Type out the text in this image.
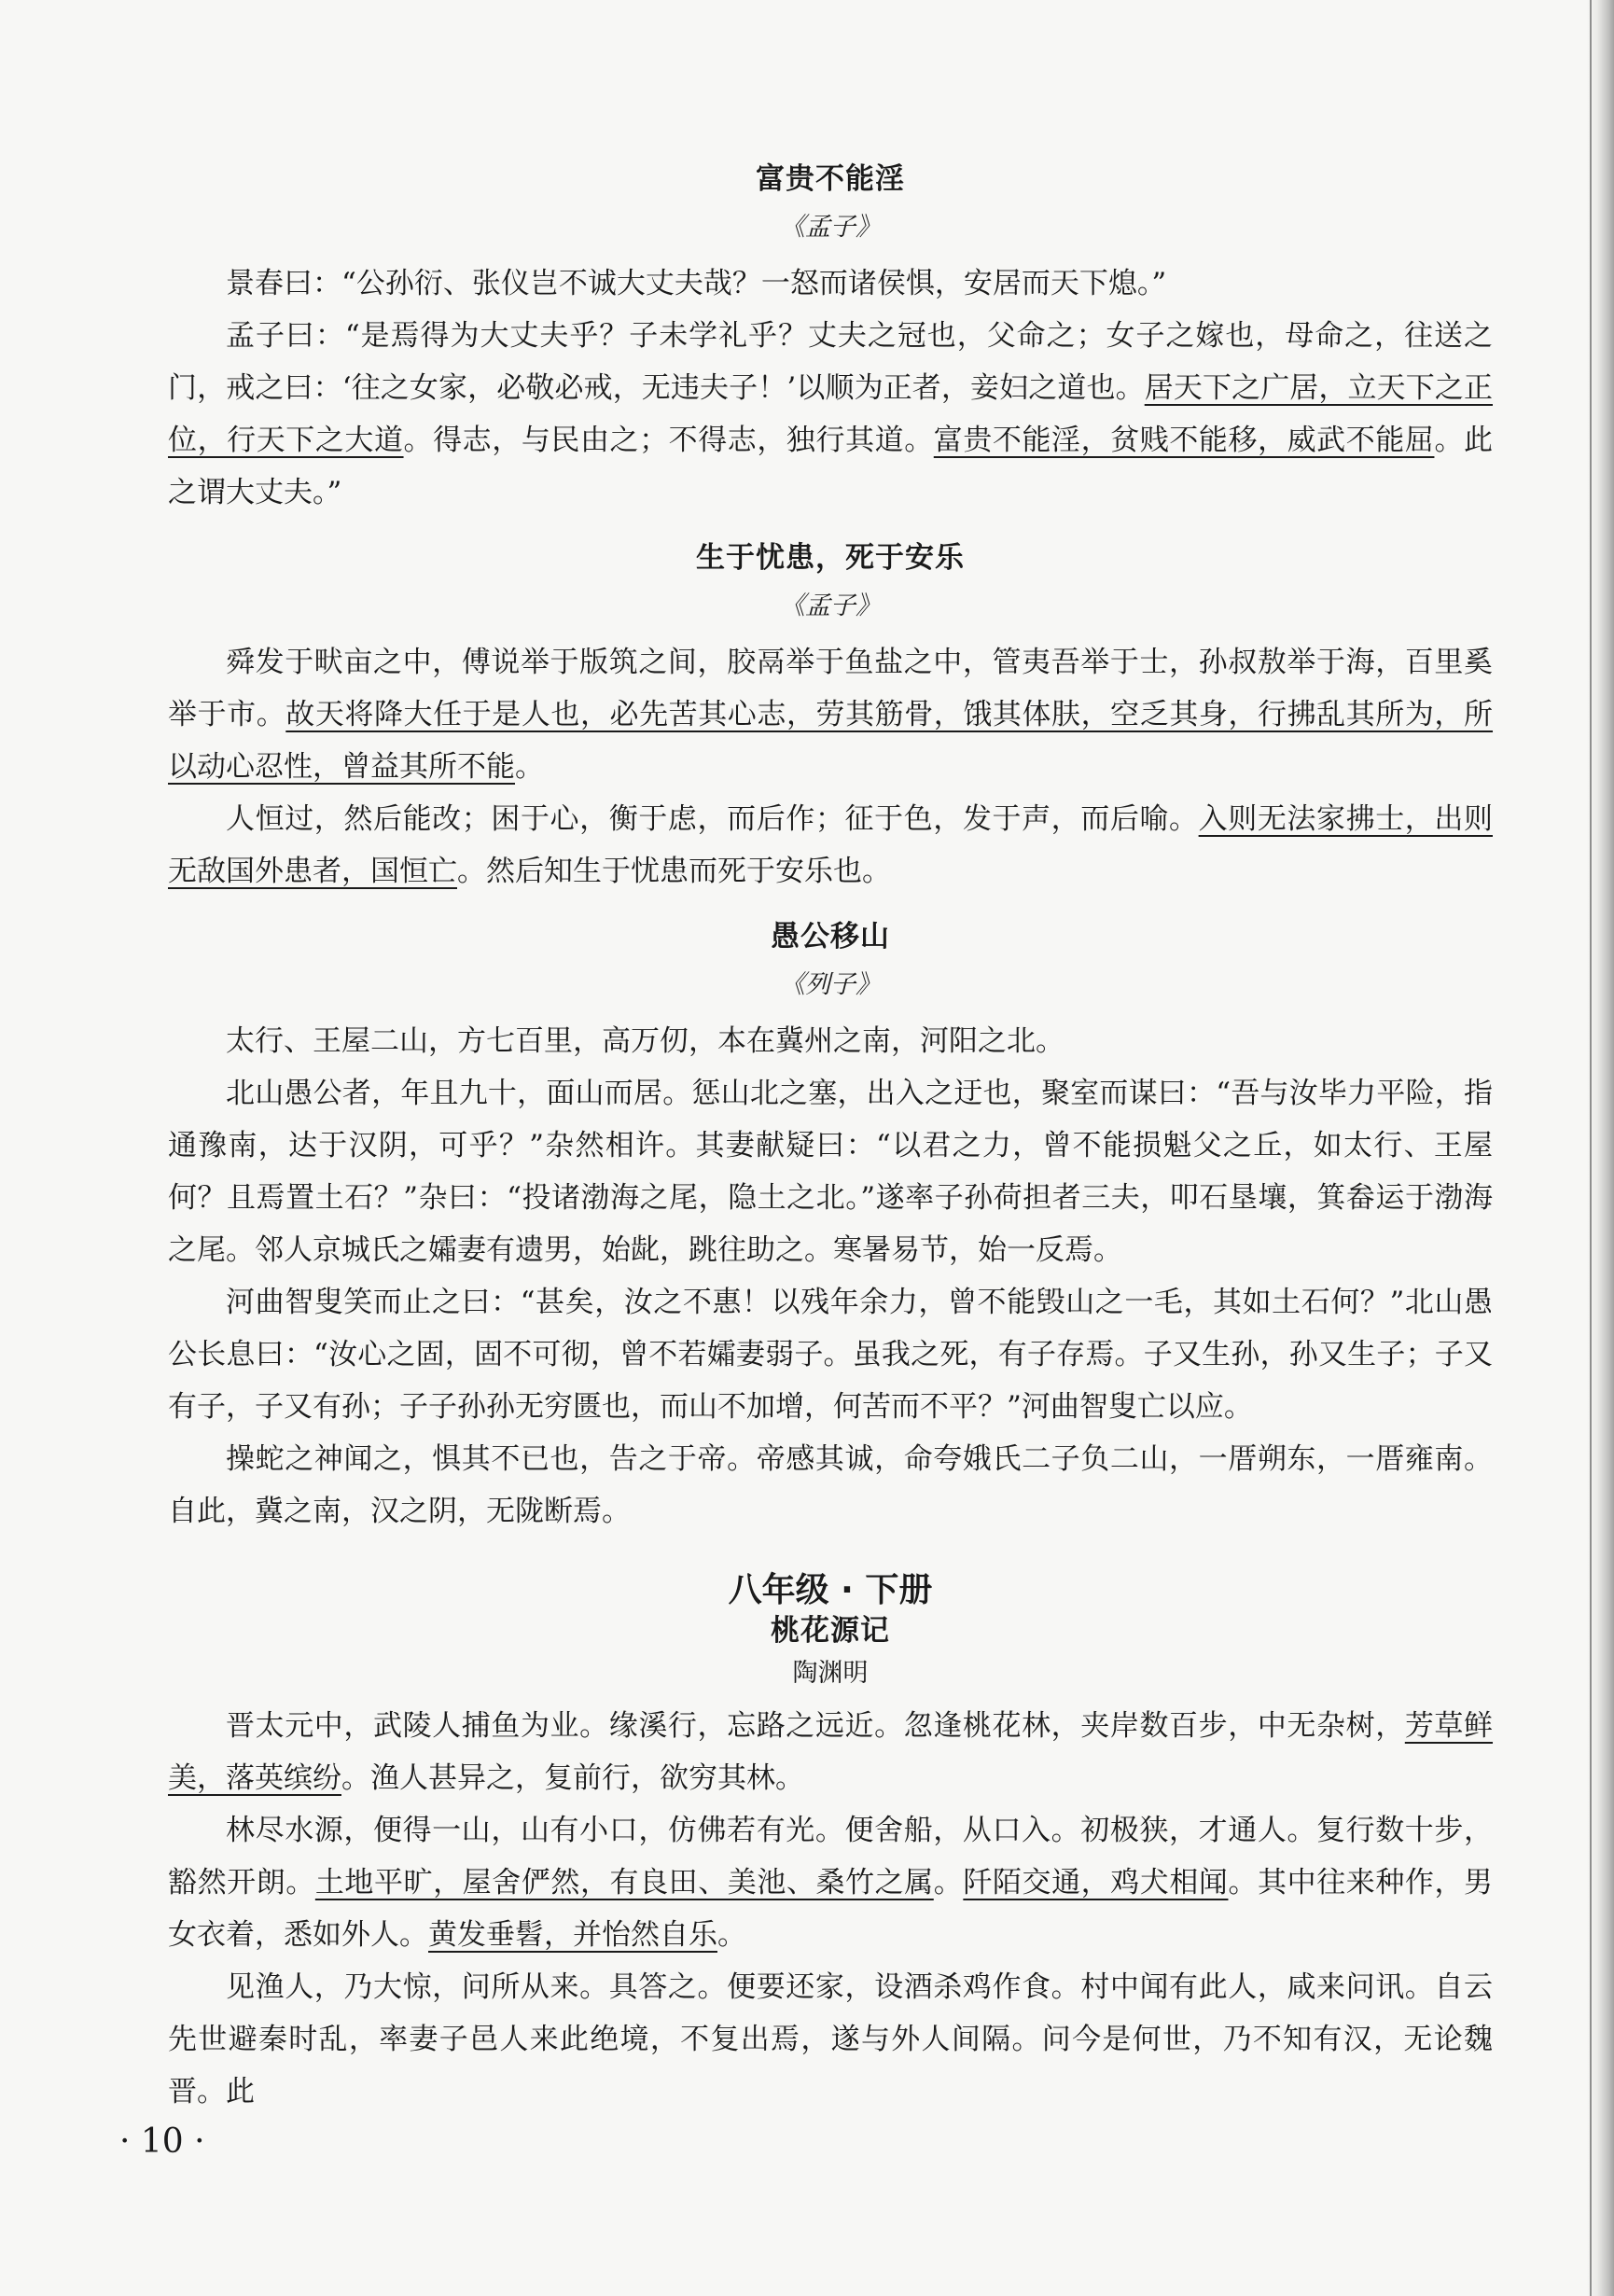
富贵不能淫
《孟子》

景春曰：“公孙衍、张仪岂不诚大丈夫哉？一怒而诸侯惧，安居而天下熄。”

孟子曰：“是焉得为大丈夫乎？子未学礼乎？丈夫之冠也，父命之；女子之嫁也，母命之，往送之门，戒之曰：‘往之女家，必敬必戒，无违夫子！’以顺为正者，妾妇之道也。居天下之广居，立天下之正位，行天下之大道。得志，与民由之；不得志，独行其道。富贵不能淫，贫贱不能移，威武不能屈。此之谓大丈夫。”

生于忧患，死于安乐
《孟子》

舜发于畎亩之中，傅说举于版筑之间，胶鬲举于鱼盐之中，管夷吾举于士，孙叔敖举于海，百里奚举于市。故天将降大任于是人也，必先苦其心志，劳其筋骨，饿其体肤，空乏其身，行拂乱其所为，所以动心忍性，曾益其所不能。

人恒过，然后能改；困于心，衡于虑，而后作；征于色，发于声，而后喻。入则无法家拂士，出则无敌国外患者，国恒亡。然后知生于忧患而死于安乐也。

愚公移山
《列子》

太行、王屋二山，方七百里，高万仞，本在冀州之南，河阳之北。

北山愚公者，年且九十，面山而居。惩山北之塞，出入之迂也，聚室而谋曰：“吾与汝毕力平险，指通豫南，达于汉阴，可乎？”杂然相许。其妻献疑曰：“以君之力，曾不能损魁父之丘，如太行、王屋何？且焉置土石？”杂曰：“投诸渤海之尾，隐土之北。”遂率子孙荷担者三夫，叩石垦壤，箕畚运于渤海之尾。邻人京城氏之孀妻有遗男，始龀，跳往助之。寒暑易节，始一反焉。

河曲智叟笑而止之曰：“甚矣，汝之不惠！以残年余力，曾不能毁山之一毛，其如土石何？”北山愚公长息曰：“汝心之固，固不可彻，曾不若孀妻弱子。虽我之死，有子存焉。子又生孙，孙又生子；子又有子，子又有孙；子子孙孙无穷匮也，而山不加增，何苦而不平？”河曲智叟亡以应。

操蛇之神闻之，惧其不已也，告之于帝。帝感其诚，命夸娥氏二子负二山，一厝朔东，一厝雍南。自此，冀之南，汉之阴，无陇断焉。

八年级 · 下册
桃花源记
陶渊明

晋太元中，武陵人捕鱼为业。缘溪行，忘路之远近。忽逢桃花林，夹岸数百步，中无杂树，芳草鲜美，落英缤纷。渔人甚异之，复前行，欲穷其林。

林尽水源，便得一山，山有小口，仿佛若有光。便舍船，从口入。初极狭，才通人。复行数十步，豁然开朗。土地平旷，屋舍俨然，有良田、美池、桑竹之属。阡陌交通，鸡犬相闻。其中往来种作，男女衣着，悉如外人。黄发垂髫，并怡然自乐。

见渔人，乃大惊，问所从来。具答之。便要还家，设酒杀鸡作食。村中闻有此人，咸来问讯。自云先世避秦时乱，率妻子邑人来此绝境，不复出焉，遂与外人间隔。问今是何世，乃不知有汉，无论魏晋。此

· 10 ·
